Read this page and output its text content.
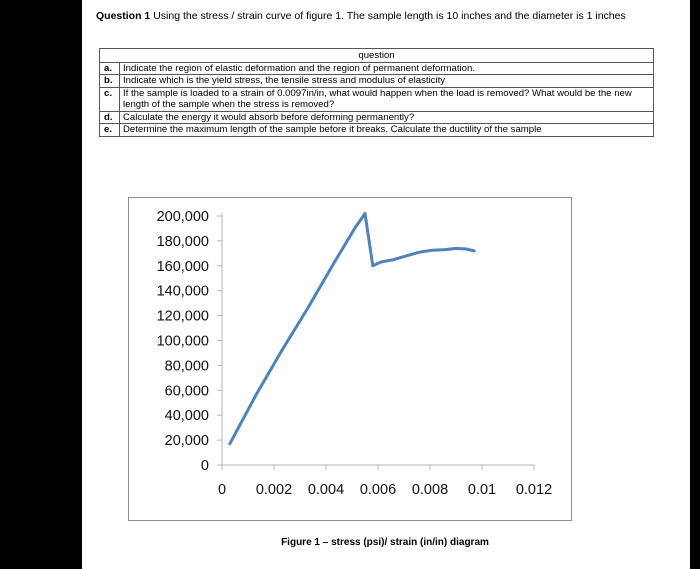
Question 1 Using the stress / strain curve of figure 1. The sample length is 10 inches and the diameter is 1 inches
question	
a.	Indicate the region of elastic deformation and the region of permanent deformation.
b.	Indicate which is the yield stress, the tensile stress and modulus of elasticity
c.	If the sample is loaded to a strain of 0.0097in/in, what would happen when the load is removed? What would be the new length of the sample when the stress is removed?
d.	Calculate the energy it would absorb before deforming permanently?
e.	Determine the maximum length of the sample before it breaks. Calculate the ductility of the sample
0
20,000
40,000
60,000
80,000
100,000
120,000
140,000
160,000
180,000
200,000
0 0.002 0.004 0.006 0.008 0.01 0.012
Figure 1 – stress (psi)/ strain (in/in) diagram
